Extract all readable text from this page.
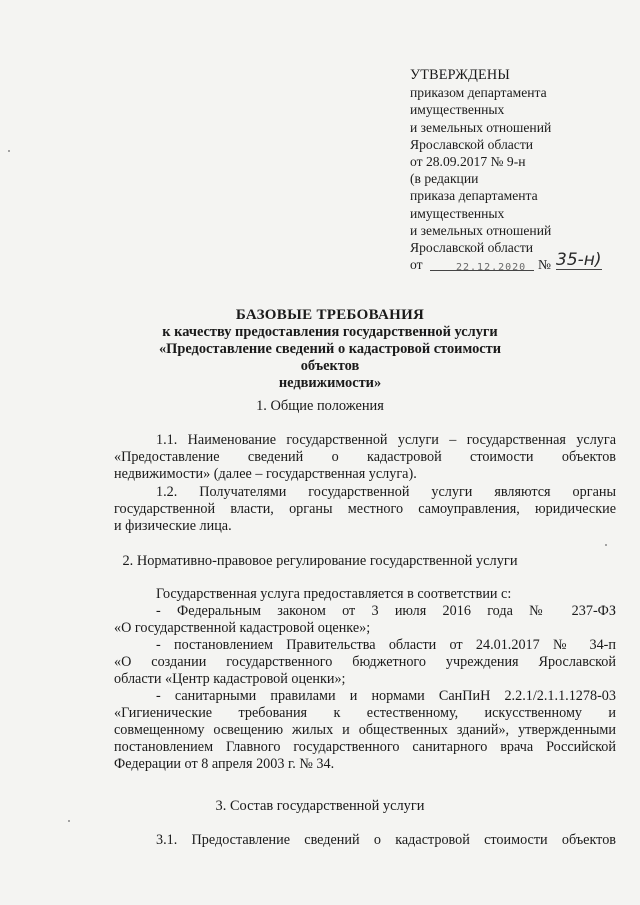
УТВЕРЖДЕНЫ
приказом департамента
имущественных
и земельных отношений
Ярославской области
от 28.09.2017 № 9-н
(в редакции
приказа департамента
имущественных
и земельных отношений
Ярославской области
от	22.12.2020 № 35-н)
БАЗОВЫЕ ТРЕБОВАНИЯ
к качеству предоставления государственной услуги
«Предоставление сведений о кадастровой стоимости объектов
недвижимости»
1. Общие положения

1.1. Наименование государственной услуги – государственная услуга

«Предоставление сведений о кадастровой стоимости объектов

недвижимости» (далее – государственная услуга).

1.2. Получателями государственной услуги являются органы

государственной власти, органы местного самоуправления, юридические

и физические лица.

2. Нормативно-правовое регулирование государственной услуги

Государственная услуга предоставляется в соответствии с:

- Федеральным законом от 3 июля 2016 года № 237-ФЗ

«О государственной кадастровой оценке»;

- постановлением Правительства области от 24.01.2017 № 34-п

«О создании государственного бюджетного учреждения Ярославской

области «Центр кадастровой оценки»;

- санитарными правилами и нормами СанПиН 2.2.1/2.1.1.1278-03

«Гигиенические требования к естественному, искусственному и

совмещенному освещению жилых и общественных зданий», утвержденными

постановлением Главного государственного санитарного врача Российской

Федерации от 8 апреля 2003 г. № 34.

3. Состав государственной услуги

3.1. Предоставление сведений о кадастровой стоимости объектов
